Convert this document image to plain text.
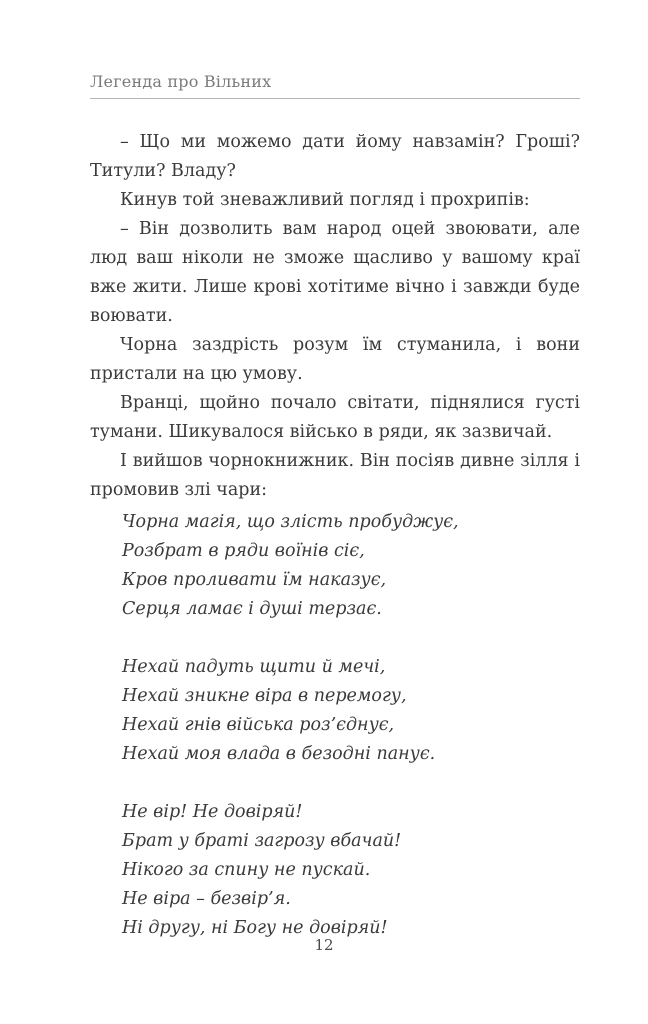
Легенда про Вільних

– Що ми можемо дати йому навзамін? Гроші? Титули? Владу?

Кинув той зневажливий погляд і прохрипів:

– Він дозволить вам народ оцей звоювати, але люд ваш ніколи не зможе щасливо у вашому краї вже жити. Лише крові хотітиме вічно і завжди буде воювати.

Чорна заздрість розум їм стуманила, і вони пристали на цю умову.

Вранці, щойно почало світати, піднялися густі тумани. Шикувалося військо в ряди, як зазвичай.

І вийшов чорнокнижник. Він посіяв дивне зілля і промовив злі чари:

Чорна магія, що злість пробуджує,
Розбрат в ряди воїнів сіє,
Кров проливати їм наказує,
Серця ламає і душі терзає.
Нехай падуть щити й мечі,
Нехай зникне віра в перемогу,
Нехай гнів війська роз’єднує,
Нехай моя влада в безодні панує.
Не вір! Не довіряй!
Брат у браті загрозу вбачай!
Нікого за спину не пускай.
Не віра – безвір’я.
Ні другу, ні Богу не довіряй!
12
